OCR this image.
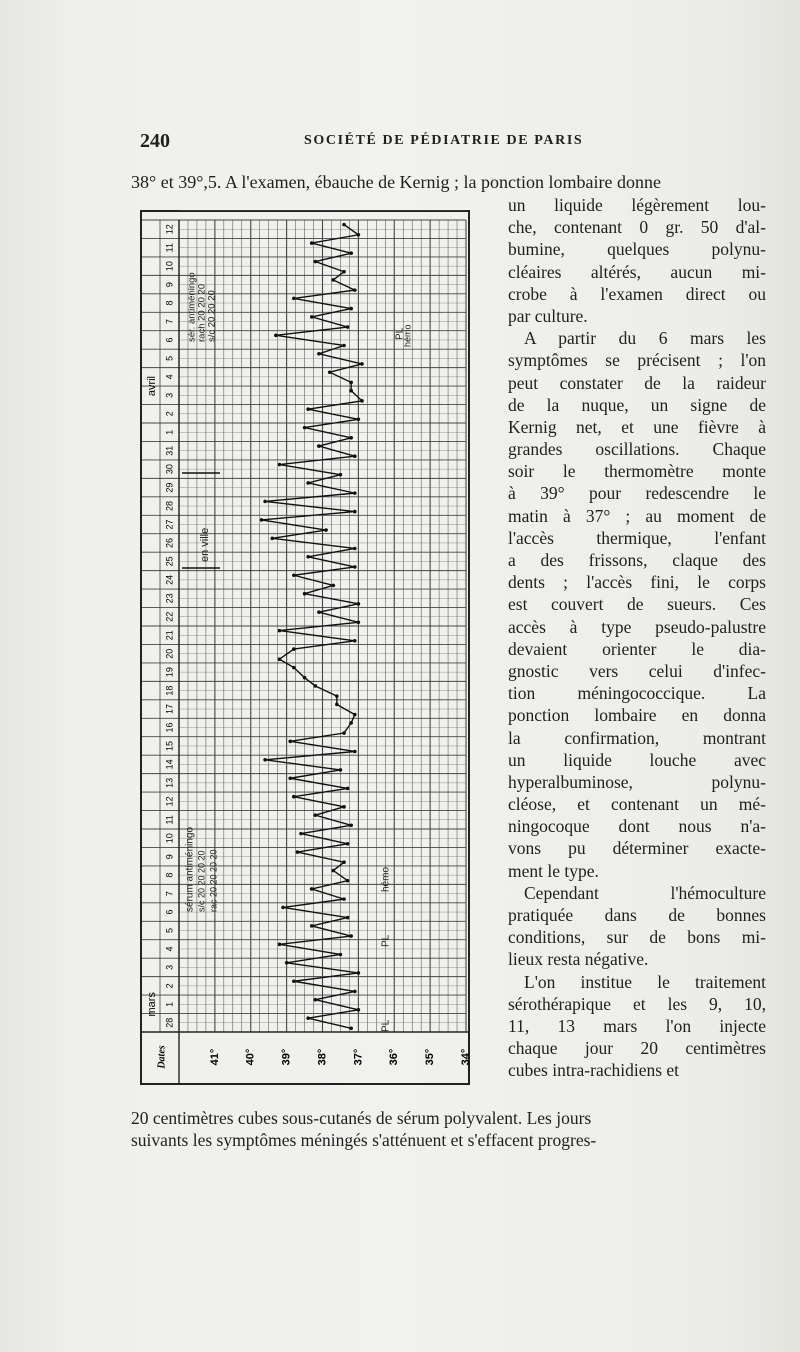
240	SOCIÉTÉ DE PÉDIATRIE DE PARIS
38° et 39°,5. A l'examen, ébauche de Kernig ; la ponction lombaire donne
un liquide légèrement lou-
che, contenant 0 gr. 50 d'al-
bumine, quelques polynu-
cléaires altérés, aucun mi-
crobe à l'examen direct ou
par culture.
A partir du 6 mars les
symptômes se précisent ; l'on
peut constater de la raideur
de la nuque, un signe de
Kernig net, et une fièvre à
grandes oscillations. Chaque
soir le thermomètre monte
à 39° pour redescendre le
matin à 37° ; au moment de
l'accès thermique, l'enfant
a des frissons, claque des
dents ; l'accès fini, le corps
est couvert de sueurs. Ces
accès à type pseudo-palustre
devaient orienter le dia-
gnostic vers celui d'infec-
tion méningococcique. La
ponction lombaire en donna
la confirmation, montrant
un liquide louche avec
hyperalbuminose, polynu-
cléose, et contenant un mé-
ningocoque dont nous n'a-
vons pu déterminer exacte-
ment le type.
Cependant l'hémoculture
pratiquée dans de bonnes
conditions, sur de bons mi-
lieux resta négative.
L'on institue le traitement
sérothérapique et les 9, 10,
11, 13 mars l'on injecte
chaque jour 20 centimètres
cubes intra-rachidiens et
20 centimètres cubes sous-cutanés de sérum polyvalent. Les jours
suivants les symptômes méningés s'atténuent et s'effacent progres-
28
1
2
3
4
5
6
7
8
9
10
11
12
13
14
15
16
17
18
19
20
21
22
23
24
25
26
27
28
29
30
31
1
2
3
4
5
6
7
8
9
10
11
12
mars
avril
Dates	41° 40° 39° 38° 37° 36° 35° 34°
sérum antiméningo s/c 20 20 20 20 rac 20 20 20 20
PL
PL
hémo
en ville
sér. antiméningo rach 20 20 20 s/c 20 20 20	PL
hémo
